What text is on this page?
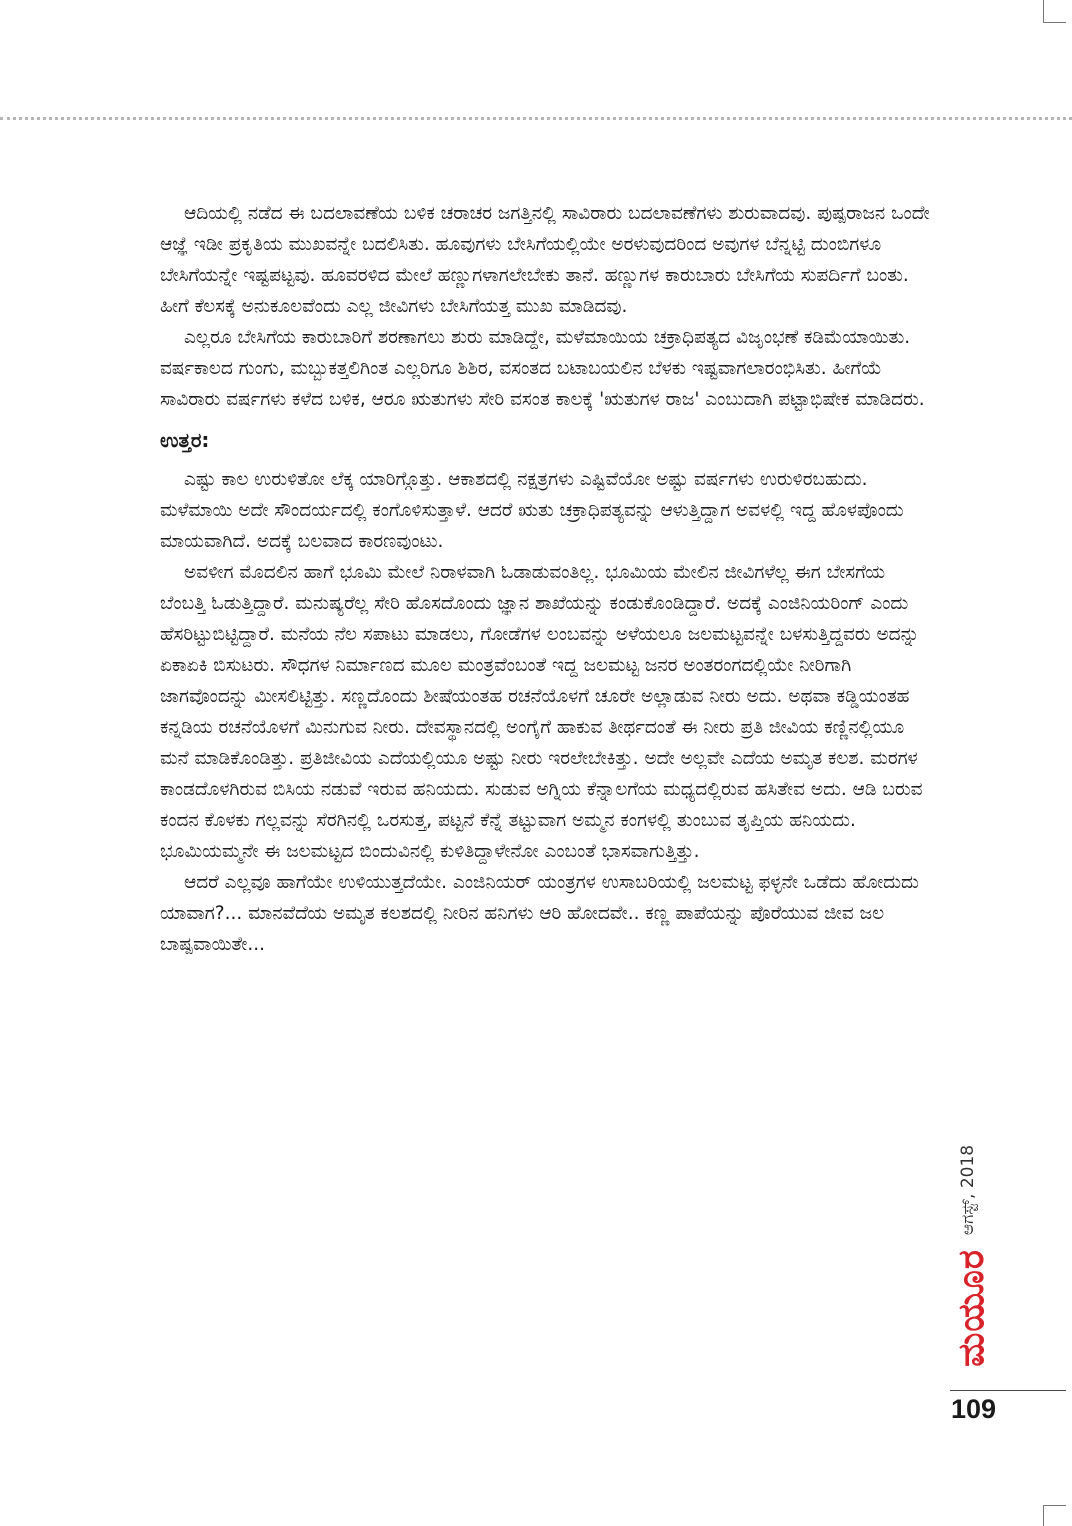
ಆದಿಯಲ್ಲಿ ನಡೆದ ಈ ಬದಲಾವಣೆಯ ಬಳಿಕ ಚರಾಚರ ಜಗತ್ತಿನಲ್ಲಿ ಸಾವಿರಾರು ಬದಲಾವಣೆಗಳು ಶುರುವಾದವು. ಪುಷ್ಪರಾಜನ ಒಂದೇ ಆಜ್ಞೆ ಇಡೀ ಪ್ರಕೃತಿಯ ಮುಖವನ್ನೇ ಬದಲಿಸಿತು. ಹೂವುಗಳು ಬೇಸಿಗೆಯಲ್ಲಿಯೇ ಅರಳುವುದರಿಂದ ಅವುಗಳ ಬೆನ್ನಟ್ಟಿ ದುಂಬಿಗಳೂ ಬೇಸಿಗೆಯನ್ನೇ ಇಷ್ಟಪಟ್ಟವು. ಹೂವರಳಿದ ಮೇಲೆ ಹಣ್ಣುಗಳಾಗಲೇಬೇಕು ತಾನೆ. ಹಣ್ಣುಗಳ ಕಾರುಬಾರು ಬೇಸಿಗೆಯ ಸುಪರ್ದಿಗೆ ಬಂತು. ಹೀಗೆ ಕೆಲಸಕ್ಕೆ ಅನುಕೂಲವೆಂದು ಎಲ್ಲ ಜೀವಿಗಳು ಬೇಸಿಗೆಯತ್ತ ಮುಖ ಮಾಡಿದವು.

ಎಲ್ಲರೂ ಬೇಸಿಗೆಯ ಕಾರುಬಾರಿಗೆ ಶರಣಾಗಲು ಶುರು ಮಾಡಿದ್ದೇ, ಮಳೆಮಾಯಿಯ ಚಕ್ರಾಧಿಪತ್ಯದ ವಿಜೃಂಭಣೆ ಕಡಿಮೆಯಾಯಿತು. ವರ್ಷಕಾಲದ ಗುಂಗು, ಮಬ್ಬುಕತ್ತಲಿಗಿಂತ ಎಲ್ಲರಿಗೂ ಶಿಶಿರ, ವಸಂತದ ಬಟಾಬಯಲಿನ ಬೆಳಕು ಇಷ್ಟವಾಗಲಾರಂಭಿಸಿತು. ಹೀಗೆಯೆ ಸಾವಿರಾರು ವರ್ಷಗಳು ಕಳೆದ ಬಳಿಕ, ಆರೂ ಋತುಗಳು ಸೇರಿ ವಸಂತ ಕಾಲಕ್ಕೆ 'ಋತುಗಳ ರಾಜ' ಎಂಬುದಾಗಿ ಪಟ್ಟಾಭಿಷೇಕ ಮಾಡಿದರು.

ಉತ್ತರ:

ಎಷ್ಟು ಕಾಲ ಉರುಳಿತೋ ಲೆಕ್ಕ ಯಾರಿಗ್ಗೊತ್ತು. ಆಕಾಶದಲ್ಲಿ ನಕ್ಷತ್ರಗಳು ಎಷ್ಟಿವೆಯೋ ಅಷ್ಟು ವರ್ಷಗಳು ಉರುಳಿರಬಹುದು. ಮಳೆಮಾಯಿ ಅದೇ ಸೌಂದರ್ಯದಲ್ಲಿ ಕಂಗೊಳಿಸುತ್ತಾಳೆ. ಆದರೆ ಋತು ಚಕ್ರಾಧಿಪತ್ಯವನ್ನು ಆಳುತ್ತಿದ್ದಾಗ ಅವಳಲ್ಲಿ ಇದ್ದ ಹೊಳಪೊಂದು ಮಾಯವಾಗಿದೆ. ಅದಕ್ಕೆ ಬಲವಾದ ಕಾರಣವುಂಟು.

ಅವಳೀಗ ಮೊದಲಿನ ಹಾಗೆ ಭೂಮಿ ಮೇಲೆ ನಿರಾಳವಾಗಿ ಓಡಾಡುವಂತಿಲ್ಲ. ಭೂಮಿಯ ಮೇಲಿನ ಜೀವಿಗಳೆಲ್ಲ ಈಗ ಬೇಸಗೆಯ ಬೆಂಬತ್ತಿ ಓಡುತ್ತಿದ್ದಾರೆ. ಮನುಷ್ಯರೆಲ್ಲ ಸೇರಿ ಹೊಸದೊಂದು ಜ್ಞಾನ ಶಾಖೆಯನ್ನು ಕಂಡುಕೊಂಡಿದ್ದಾರೆ. ಅದಕ್ಕೆ ಎಂಜಿನಿಯರಿಂಗ್ ಎಂದು ಹೆಸರಿಟ್ಟುಬಿಟ್ಟಿದ್ದಾರೆ. ಮನೆಯ ನೆಲ ಸಪಾಟು ಮಾಡಲು, ಗೋಡೆಗಳ ಲಂಬವನ್ನು ಅಳೆಯಲೂ ಜಲಮಟ್ಟವನ್ನೇ ಬಳಸುತ್ತಿದ್ದವರು ಅದನ್ನು ಏಕಾಏಕಿ ಬಿಸುಟರು. ಸೌಧಗಳ ನಿರ್ಮಾಣದ ಮೂಲ ಮಂತ್ರವೆಂಬಂತೆ ಇದ್ದ ಜಲಮಟ್ಟ ಜನರ ಅಂತರಂಗದಲ್ಲಿಯೇ ನೀರಿಗಾಗಿ ಜಾಗವೊಂದನ್ನು ಮೀಸಲಿಟ್ಟಿತ್ತು. ಸಣ್ಣದೊಂದು ಶೀಷೆಯಂತಹ ರಚನೆಯೊಳಗೆ ಚೂರೇ ಅಲ್ಲಾಡುವ ನೀರು ಅದು. ಅಥವಾ ಕಡ್ಡಿಯಂತಹ ಕನ್ನಡಿಯ ರಚನೆಯೊಳಗೆ ಮಿನುಗುವ ನೀರು. ದೇವಸ್ಥಾನದಲ್ಲಿ ಅಂಗೈಗೆ ಹಾಕುವ ತೀರ್ಥದಂತೆ ಈ ನೀರು ಪ್ರತಿ ಜೀವಿಯ ಕಣ್ಣಿನಲ್ಲಿಯೂ ಮನೆ ಮಾಡಿಕೊಂಡಿತ್ತು. ಪ್ರತಿಜೀವಿಯ ಎದೆಯಲ್ಲಿಯೂ ಅಷ್ಟು ನೀರು ಇರಲೇಬೇಕಿತ್ತು. ಅದೇ ಅಲ್ಲವೇ ಎದೆಯ ಅಮೃತ ಕಲಶ. ಮರಗಳ ಕಾಂಡದೊಳಗಿರುವ ಬಿಸಿಯ ನಡುವೆ ಇರುವ ಹನಿಯದು. ಸುಡುವ ಅಗ್ನಿಯ ಕೆನ್ನಾಲಗೆಯ ಮಧ್ಯದಲ್ಲಿರುವ ಹಸಿತೇವ ಅದು. ಆಡಿ ಬರುವ ಕಂದನ ಕೊಳಕು ಗಲ್ಲವನ್ನು ಸೆರಗಿನಲ್ಲಿ ಒರಸುತ್ತ, ಪಟ್ಟನೆ ಕೆನ್ನೆ ತಟ್ಟುವಾಗ ಅಮ್ಮನ ಕಂಗಳಲ್ಲಿ ತುಂಬುವ ತೃಪ್ತಿಯ ಹನಿಯದು. ಭೂಮಿಯಮ್ಮನೇ ಈ ಜಲಮಟ್ಟದ ಬಿಂದುವಿನಲ್ಲಿ ಕುಳಿತಿದ್ದಾಳೇನೋ ಎಂಬಂತೆ ಭಾಸವಾಗುತ್ತಿತ್ತು.

ಆದರೆ ಎಲ್ಲವೂ ಹಾಗೆಯೇ ಉಳಿಯುತ್ತದೆಯೇ. ಎಂಜಿನಿಯರ್ ಯಂತ್ರಗಳ ಉಸಾಬರಿಯಲ್ಲಿ ಜಲಮಟ್ಟ ಫಳ್ಳನೇ ಒಡೆದು ಹೋದುದು ಯಾವಾಗ?... ಮಾನವೆದೆಯ ಅಮೃತ ಕಲಶದಲ್ಲಿ ನೀರಿನ ಹನಿಗಳು ಆರಿ ಹೋದವೇ.. ಕಣ್ಣ ಪಾಪೆಯನ್ನು ಪೊರೆಯುವ ಜೀವ ಜಲ ಬಾಷ್ಪವಾಯಿತೇ...

ಆಗಸ್ಟ್, 2018
ಮಯೂರ
109
